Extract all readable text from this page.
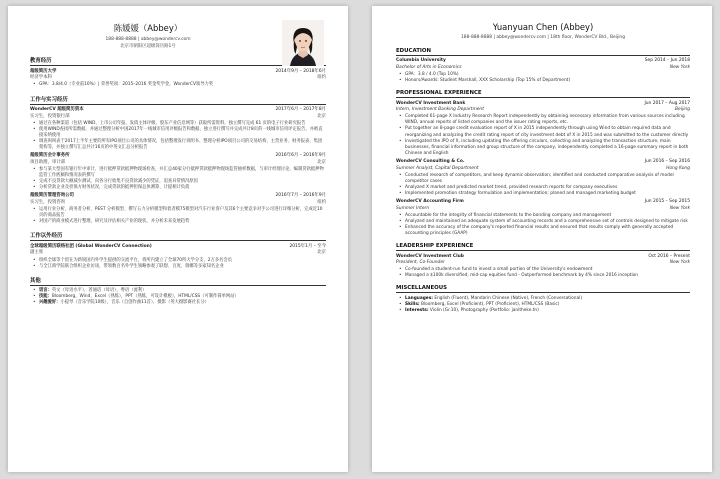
陈媛媛（Abbey）
188-888-8888 | abbey@wondercv.com
北京市朝阳区超级简历路1号
教育经历
超级简历大学	2014年9月 – 2018年6月
经济学本科	纽约
• GPA：3.8/4.0（专业前10%）| 荣誉奖项：2015–2016 奖金奖学金，WonderCV领导力奖
工作与实习经历
WonderCV 超级简历资本	2017年6月 – 2017年8月
实习生，投资银行部	北京
• 通过在各种渠道（包括 WIND、上市公司年报、发债主体评级、股东产业信息网等）获取所需资料，独立撰写完成 61 页的电子行业研究报告
• 使用WIND查找所需数据，并通过整理分析中国2017年一线城市信用评级报告和数据，独立进行撰写并完成共计8页的一线城市信用评定报告，并被直接采纳使用
• 调查叫叫表于2017上半年主要的所有IPO项目公司的具体情况，包括整理发行说明书、整理分析IPO项目公司的交易结构、主营业务、财务报表、集团架构等，并独立撰写汇总共计16页的中英文汇总分析报告
超级简历会计事务所	2016年6月 – 2016年9月
项目助理，审计部	北京
• 参与某大型国有银行年中审计，进行抵押贷款抵押物现场检查，并汇总40家分行抵押贷款抵押物现场监管抽样数据，与审计经理讨论，编制贷款抵押物监管工作底稿和情况表的撰写
• 完成不良贷款大额减少测试，向各分行收集不良贷款减少的凭证，追查异常情况原因
• 分析贷款企业及担保方财务状况，完成贷款的抵押担保总体测算、计提相计负债
超级简历管理咨询公司	2016年7月 – 2016年9月
实习生，投资咨询	纽约
• 运用行业分析、商务者分析、PEST 分析模型、撰写五力分析模型和着者模75模型对汽车行业客户及其6个主要竞争对手公司进行详细分析，完成近10页的商品报告
• 对国产的商业模式进行整理，研究及评估相关产业的现状，并分析未来发展趋势
工作以外经历
全球超级简历联络社团 (Global WonderCV Connection)	2015年1月 – 至今
副主席	北京
• 组织全球等个留在为新锐国内外学生提供的交流平台，将所内建立了全球70所大学分支，2万多名会员
• 与全江商学院联合组织企业访谈，带领数百名外学生领略参观了联想、百度、瑞娜等多家知名企业
其他
• 语言：英文（母语水平），普通话（母语），粤语（流利）
• 技能：Bloomberg，Wind，Excel（熟练），PPT（熟练，可设计模板），HTML/CSS（可制作简单网站）
• 兴趣爱好：小提琴（音乐学院10级），音乐（自创作曲11首），摄影（英大摄影赛社长分）
Yuanyuan Chen (Abbey)
188-888-8888 | abbey@wondercv.com | 18th floor, WonderCV Bld., Beijing
EDUCATION
Columbia University	Sep 2014 – Jun 2018
Bachelor of Arts in Economics	New York
• GPA：3.8 / 4.0 (Top 10%)
• Honors/Awards: Student Marshall, XXX Scholarship (Top 15% of Department)
PROFESSIONAL EXPERIENCE
WonderCV Investment Bank	Jun 2017 – Aug 2017
Intern, Investment Banking Department	Beijing
• Completed 61-page X Industry Research Report independently by obtaining necessary information from various sources including WIND, annual reports of listed companies and the issuer rating reports, etc.
• Put together an 8-page credit evaluation report of X in 2015 independently through using Wind to obtain required data and reorganizing and analyzing the credit rating report of city investment debt of X in 2015 and was submitted to the customer directly
• Investigated the IPO of X, including updating the offering circulars, collecting and analyzing the transaction structure, main businesses, financial information and group structure of the company, independently completed a 16-page summary report in both Chinese and English
WonderCV Consulting & Co.	Jun 2016 – Sep 2016
Summer Analyst, Capital Department	Hong Kong
• Conducted research of competitors, and keep dynamic observation; identified and conducted comparative analysis of model competitor cases
• Analyzed X market and predicted market trend, provided research reports for company executives
• Implemented promotion strategy formulation and implementation; planed and managed marketing budget
WonderCV Accounting Firm	Jun 2015 – Sep 2015
Summer Intern	New York
• Accountable for the integrity of financial statements to the bonding company and management
• Analyzed and maintained an adequate system of accounting records and a comprehensive set of controls designed to mitigate risk
• Enhanced the accuracy of the company's reported financial results and ensured that results comply with generally accepted accounting principles (GAAP)
LEADERSHIP EXPERIENCE
WonderCV Investment Club	Oct 2016 – Present
President, Co-Founder	New York
• Co-founded a student-run fund to invest a small portion of the University's endowment
• Managed a $100k diversified, mid-cap equities fund - Outperformed benchmark by 4% since 2016 inception
MISCELLANEOUS
• Languages: English (Fluent), Mandarin Chinese (Native), French (Conversational)
• Skills: Bloomberg, Excel (Proficient), PPT (Proficient), HTML/CSS (Basic)
• Interests: Violin (Gr.10), Photography (Portfolio: janitheke.tn)
